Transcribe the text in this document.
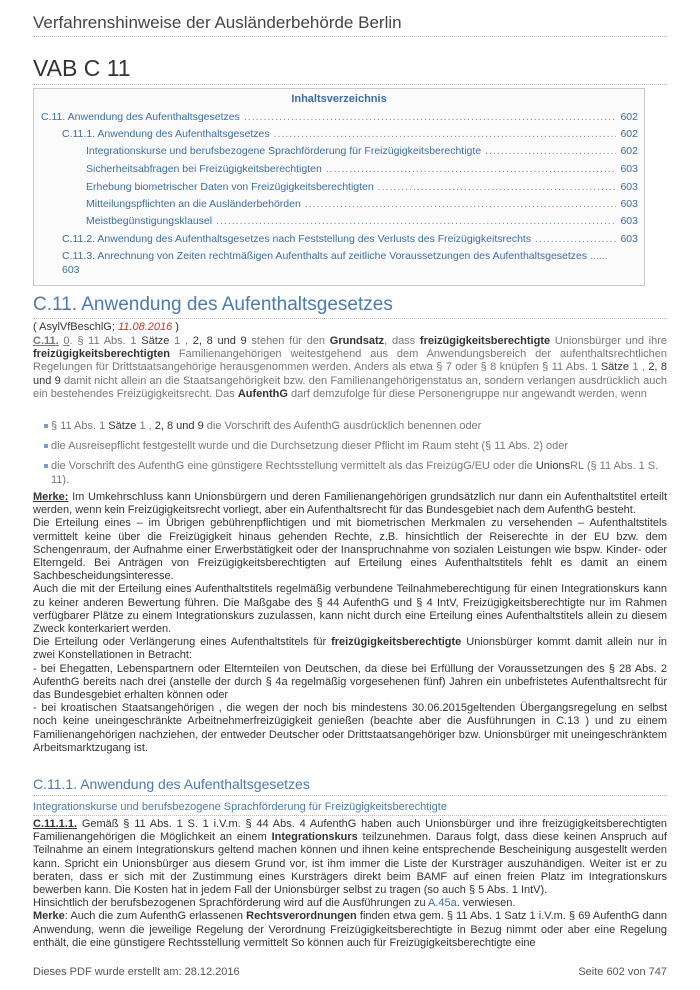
Verfahrenshinweise der Ausländerbehörde Berlin
VAB C 11
Inhaltsverzeichnis
C.11. Anwendung des Aufenthaltsgesetzes .....	602
C.11.1. Anwendung des Aufenthaltsgesetzes .....	602
Integrationskurse und berufsbezogene Sprachförderung für Freizügigkeitsberechtigte .....	602
Sicherheitsabfragen bei Freizügigkeitsberechtigten .....	603
Erhebung biometrischer Daten von Freizügigkeitsberechtigten .....	603
Mitteilungspflichten an die Ausländerbehörden .....	603
Meistbegünstigungsklausel .....	603
C.11.2. Anwendung des Aufenthaltsgesetzes nach Feststellung des Verlusts des Freizügigkeitsrechts .....	603
C.11.3. Anrechnung von Zeiten rechtmäßigen Aufenthalts auf zeitliche Voraussetzungen des Aufenthaltsgesetzes ......
603
C.11. Anwendung des Aufenthaltsgesetzes
( AsylVfBeschlG; 11.08.2016 )
C.11. 0. § 11 Abs. 1 Sätze 1 , 2, 8 und 9 stehen für den Grundsatz, dass freizügigkeitsberechtigte Unionsbürger und ihre freizügigkeitsberechtigten Familienangehörigen weitestgehend aus dem Anwendungsbereich der aufenthaltsrechtlichen Regelungen für Drittstaatsangehörige herausgenommen werden. Anders als etwa § 7 oder § 8 knüpfen § 11 Abs. 1 Sätze 1 , 2, 8 und 9 damit nicht allein an die Staatsangehörigkeit bzw. den Familienangehörigenstatus an, sondern verlangen ausdrücklich auch ein bestehendes Freizügigkeitsrecht. Das AufenthG darf demzufolge für diese Personengruppe nur angewandt werden, wenn
§ 11 Abs. 1 Sätze 1 , 2, 8 und 9 die Vorschrift des AufenthG ausdrücklich benennen oder
die Ausreisepflicht festgestellt wurde und die Durchsetzung dieser Pflicht im Raum steht (§ 11 Abs. 2) oder
die Vorschrift des AufenthG eine günstigere Rechtsstellung vermittelt als das FreizügG/EU oder die UnionsRL (§ 11 Abs. 1 S. 11).

Merke: Im Umkehrschluss kann Unionsbürgern und deren Familienangehörigen grundsätzlich nur dann ein Aufenthaltstitel erteilt werden, wenn kein Freizügigkeitsrecht vorliegt, aber ein Aufenthaltsrecht für das Bundesgebiet nach dem AufenthG besteht.

Die Erteilung eines – im Übrigen gebührenpflichtigen und mit biometrischen Merkmalen zu versehenden – Aufenthaltstitels vermittelt keine über die Freizügigkeit hinaus gehenden Rechte, z.B. hinsichtlich der Reiserechte in der EU bzw. dem Schengenraum, der Aufnahme einer Erwerbstätigkeit oder der Inanspruchnahme von sozialen Leistungen wie bspw. Kinder- oder Elterngeld. Bei Anträgen von Freizügigkeitsberechtigten auf Erteilung eines Aufenthaltstitels fehlt es damit an einem Sachbescheidungsinteresse.

Auch die mit der Erteilung eines Aufenthaltstitels regelmäßig verbundene Teilnahmeberechtigung für einen Integrationskurs kann zu keiner anderen Bewertung führen. Die Maßgabe des § 44 AufenthG und § 4 IntV, Freizügigkeitsberechtigte nur im Rahmen verfügbarer Plätze zu einem Integrationskurs zuzulassen, kann nicht durch eine Erteilung eines Aufenthaltstitels allein zu diesem Zweck konterkariert werden.

Die Erteilung oder Verlängerung eines Aufenthaltstitels für freizügigkeitsberechtigte Unionsbürger kommt damit allein nur in zwei Konstellationen in Betracht:

- bei Ehegatten, Lebenspartnern oder Elternteilen von Deutschen, da diese bei Erfüllung der Voraussetzungen des § 28 Abs. 2 AufenthG bereits nach drei (anstelle der durch § 4a regelmäßig vorgesehenen fünf) Jahren ein unbefristetes Aufenthaltsrecht für das Bundesgebiet erhalten können oder

- bei kroatischen Staatsangehörigen , die wegen der noch bis mindestens 30.06.2015geltenden Übergangsregelung en selbst noch keine uneingeschränkte Arbeitnehmerfreizügigkeit genießen (beachte aber die Ausführungen in C.13 ) und zu einem Familienangehörigen nachziehen, der entweder Deutscher oder Drittstaatsangehöriger bzw. Unionsbürger mit uneingeschränktem Arbeitsmarktzugang ist.

C.11.1. Anwendung des Aufenthaltsgesetzes
Integrationskurse und berufsbezogene Sprachförderung für Freizügigkeitsberechtigte

C.11.1.1. Gemäß § 11 Abs. 1 S. 1 i.V.m. § 44 Abs. 4 AufenthG haben auch Unionsbürger und ihre freizügigkeitsberechtigten Familienangehörigen die Möglichkeit an einem Integrationskurs teilzunehmen. Daraus folgt, dass diese keinen Anspruch auf Teilnahme an einem Integrationskurs geltend machen können und ihnen keine entsprechende Bescheinigung ausgestellt werden kann. Spricht ein Unionsbürger aus diesem Grund vor, ist ihm immer die Liste der Kursträger auszuhändigen. Weiter ist er zu beraten, dass er sich mit der Zustimmung eines Kursträgers direkt beim BAMF auf einen freien Platz im Integrationskurs bewerben kann. Die Kosten hat in jedem Fall der Unionsbürger selbst zu tragen (so auch § 5 Abs. 1 IntV).

Hinsichtlich der berufsbezogenen Sprachförderung wird auf die Ausführungen zu A.45a. verwiesen.

Merke: Auch die zum AufenthG erlassenen Rechtsverordnungen finden etwa gem. § 11 Abs. 1 Satz 1 i.V.m. § 69 AufenthG dann Anwendung, wenn die jeweilige Regelung der Verordnung Freizügigkeitsberechtigte in Bezug nimmt oder aber eine Regelung enthält, die eine günstigere Rechtsstellung vermittelt So können auch für Freizügigkeitsberechtigte eine

Dieses PDF wurde erstellt am: 28.12.2016	Seite 602 von 747
